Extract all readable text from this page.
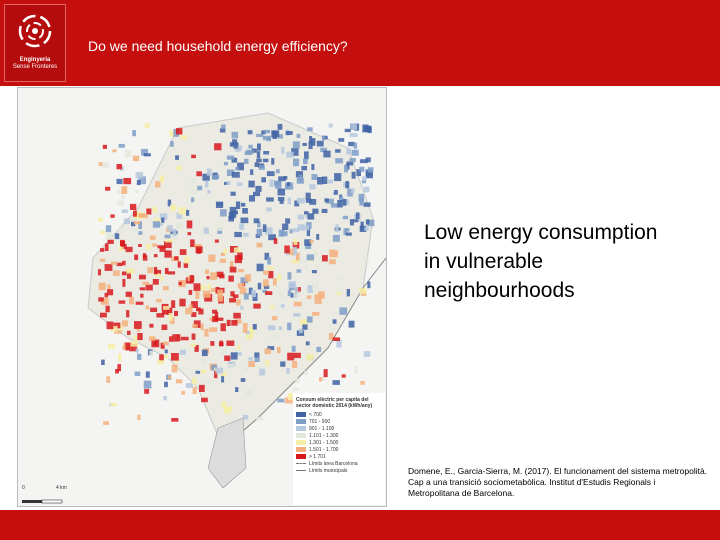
Enginyeria
Sense Fronteres
Do we need household energy efficiency?
Consum elèctric per capita del sector domèstic 2014 (kWh/any)
< 700
701 - 900
901 - 1.100
1.101 - 1.300
1.301 - 1.500
1.501 - 1.700
> 1.701
Límits àrea Barcelona
Límits municipals
0	4 km
Low energy consumption in vulnerable neighbourhoods
Domene, E., Garcia-Sierra, M. (2017). El funcionament del sistema metropolità. Cap a una transició sociometabòlica. Institut d'Estudis Regionals i Metropolitana de Barcelona.
